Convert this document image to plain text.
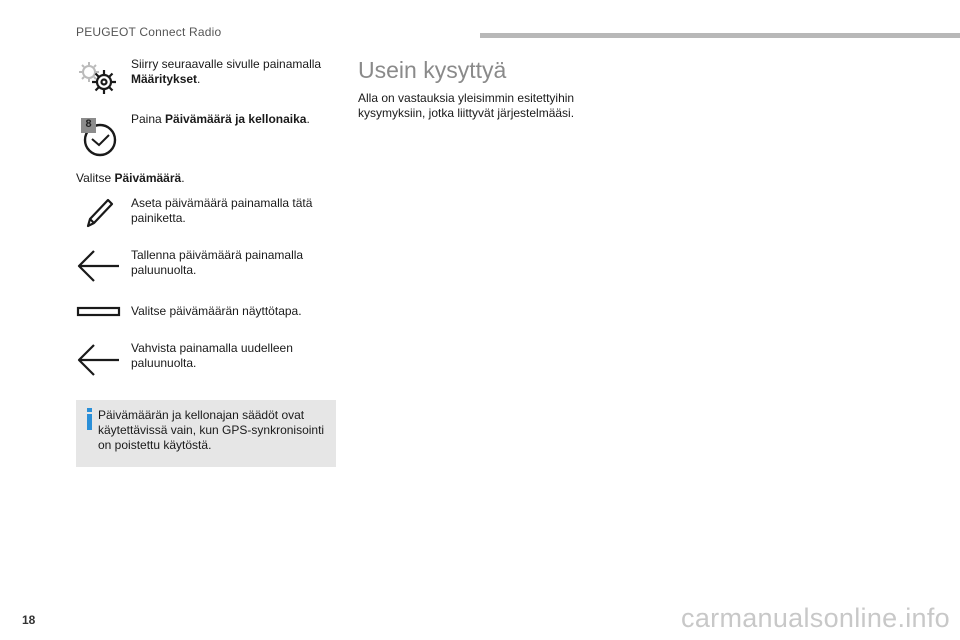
PEUGEOT Connect Radio
Siirry seuraavalle sivulle painamalla
Määritykset.
8	Paina Päivämäärä ja kellonaika.
Valitse Päivämäärä.
Aseta päivämäärä painamalla tätä painiketta.
Tallenna päivämäärä painamalla paluunuolta.
Valitse päivämäärän näyttötapa.
Vahvista painamalla uudelleen paluunuolta.
Päivämäärän ja kellonajan säädöt ovat käytettävissä vain, kun GPS-synkronisointi on poistettu käytöstä.
Usein kysyttyä
Alla on vastauksia yleisimmin esitettyihin kysymyksiin, jotka liittyvät järjestelmääsi.
18	carmanualsonline.info
